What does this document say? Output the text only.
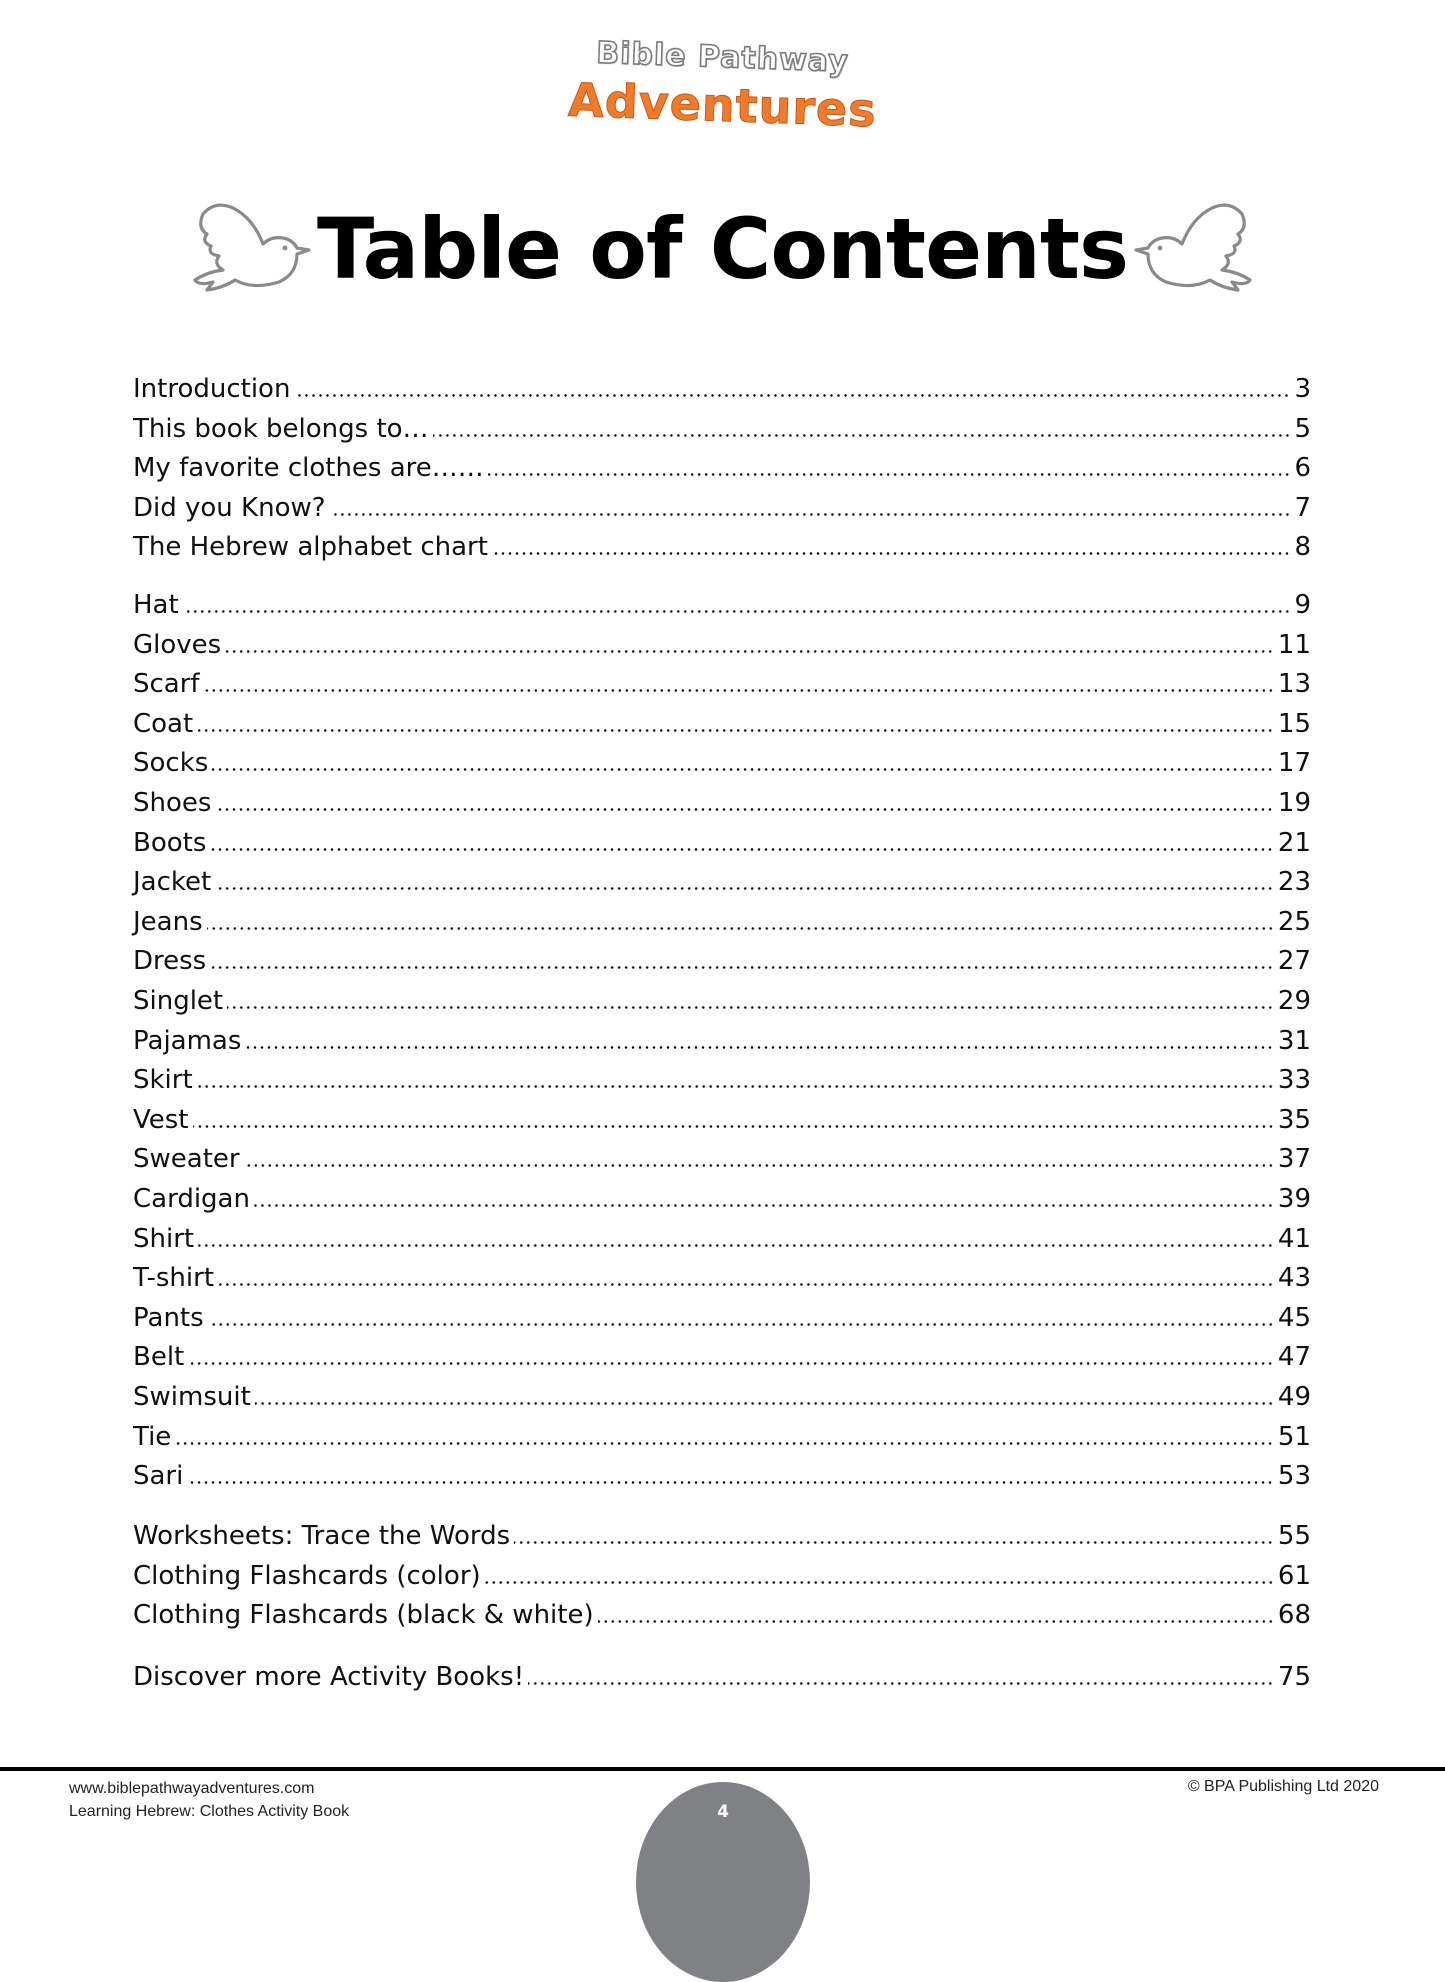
Bible Pathway
Adventures
Table of Contents
Introduction	3
This book belongs to…	5
My favorite clothes are……	6
Did you Know?	7
The Hebrew alphabet chart	8
Hat	9
Gloves	11
Scarf	13
Coat	15
Socks	17
Shoes	19
Boots	21
Jacket	23
Jeans	25
Dress	27
Singlet	29
Pajamas	31
Skirt	33
Vest	35
Sweater	37
Cardigan	39
Shirt	41
T-shirt	43
Pants	45
Belt	47
Swimsuit	49
Tie	51
Sari	53
Worksheets: Trace the Words	55
Clothing Flashcards (color)	61
Clothing Flashcards (black & white)	68
Discover more Activity Books!	75
www.biblepathwayadventures.com
Learning Hebrew: Clothes Activity Book	4
© BPA Publishing Ltd 2020
